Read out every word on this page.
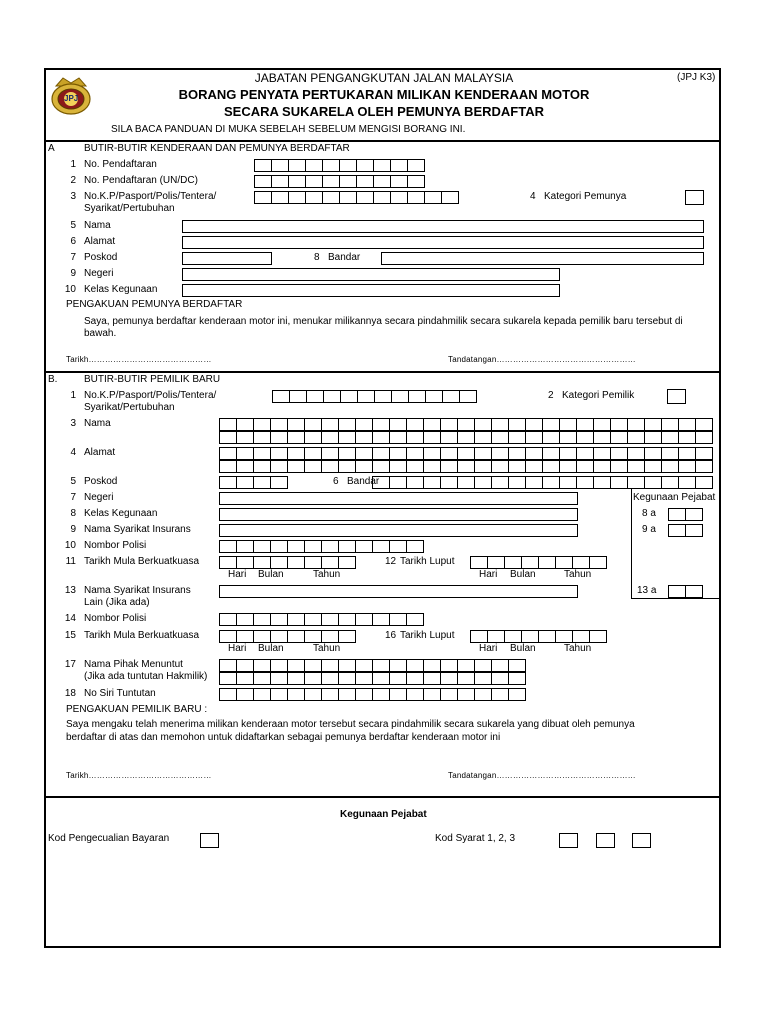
JPJ
JABATAN PENGANGKUTAN JALAN MALAYSIA	(JPJ K3)
BORANG PENYATA PERTUKARAN MILIKAN KENDERAAN MOTOR
SECARA SUKARELA OLEH PEMUNYA BERDAFTAR
SILA BACA PANDUAN DI MUKA SEBELAH SEBELUM MENGISI BORANG INI.
A	BUTIR-BUTIR KENDERAAN DAN PEMUNYA BERDAFTAR
1 No. Pendaftaran
2 No. Pendaftaran (UN/DC)
3 No.K.P/Pasport/Polis/Tentera/
Syarikat/Pertubuhan
4 Kategori Pemunya
5 Nama
6 Alamat
7 Poskod	8 Bandar
9 Negeri
10 Kelas Kegunaan
PENGAKUAN PEMUNYA BERDAFTAR
Saya, pemunya berdaftar kenderaan motor ini, menukar milikannya secara pindahmilik secara sukarela kepada pemilik baru tersebut di
bawah.
Tarikh………………………………………	Tandatangan……………………………………………
B.	BUTIR-BUTIR PEMILIK BARU
1 No.K.P/Pasport/Polis/Tentera/
Syarikat/Pertubuhan
2 Kategori Pemilik
3 Nama
4 Alamat
5 Poskod	6 Bandar
7 Negeri	Kegunaan Pejabat
8 Kelas Kegunaan	8 a
9 Nama Syarikat Insurans	9 a
10 Nombor Polisi
11 Tarikh Mula Berkuatkuasa
Hari Bulan	Tahun
12 Tarikh Luput
Hari Bulan	Tahun
13 Nama Syarikat Insurans
Lain (Jika ada)
13 a
14 Nombor Polisi
15 Tarikh Mula Berkuatkuasa
Hari Bulan	Tahun
16 Tarikh Luput
Hari Bulan	Tahun
17 Nama Pihak Menuntut
(Jika ada tuntutan Hakmilik)
18 No Siri Tuntutan
PENGAKUAN PEMILIK BARU :
Saya mengaku telah menerima milikan kenderaan motor tersebut secara pindahmilik secara sukarela yang dibuat oleh pemunya
berdaftar di atas dan memohon untuk didaftarkan sebagai pemunya berdaftar kenderaan motor ini
Tarikh………………………………………	Tandatangan……………………………………………
Kegunaan Pejabat
Kod Pengecualian Bayaran	Kod Syarat 1, 2, 3
